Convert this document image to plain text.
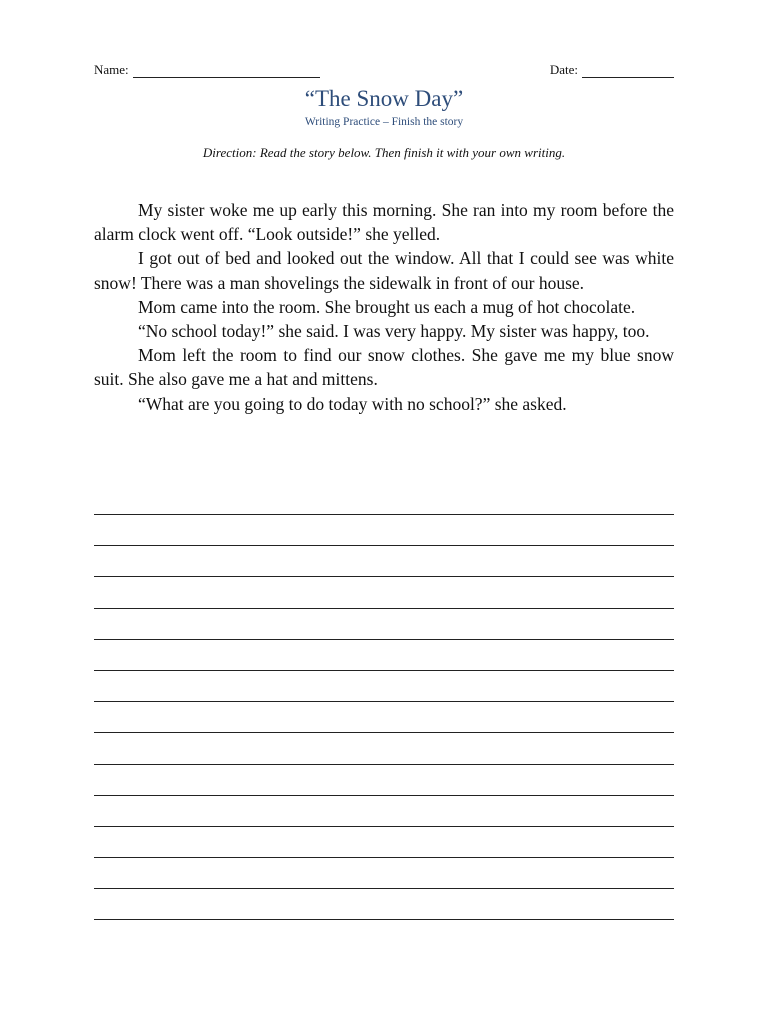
Name:	Date:
“The Snow Day”
Writing Practice – Finish the story
Direction: Read the story below. Then finish it with your own writing.

My sister woke me up early this morning. She ran into my room before the alarm clock went off. “Look outside!” she yelled.

I got out of bed and looked out the window. All that I could see was white snow! There was a man shovelings the sidewalk in front of our house.

Mom came into the room. She brought us each a mug of hot chocolate.

“No school today!” she said. I was very happy. My sister was happy, too.

Mom left the room to find our snow clothes. She gave me my blue snow suit. She also gave me a hat and mittens.

“What are you going to do today with no school?” she asked.
